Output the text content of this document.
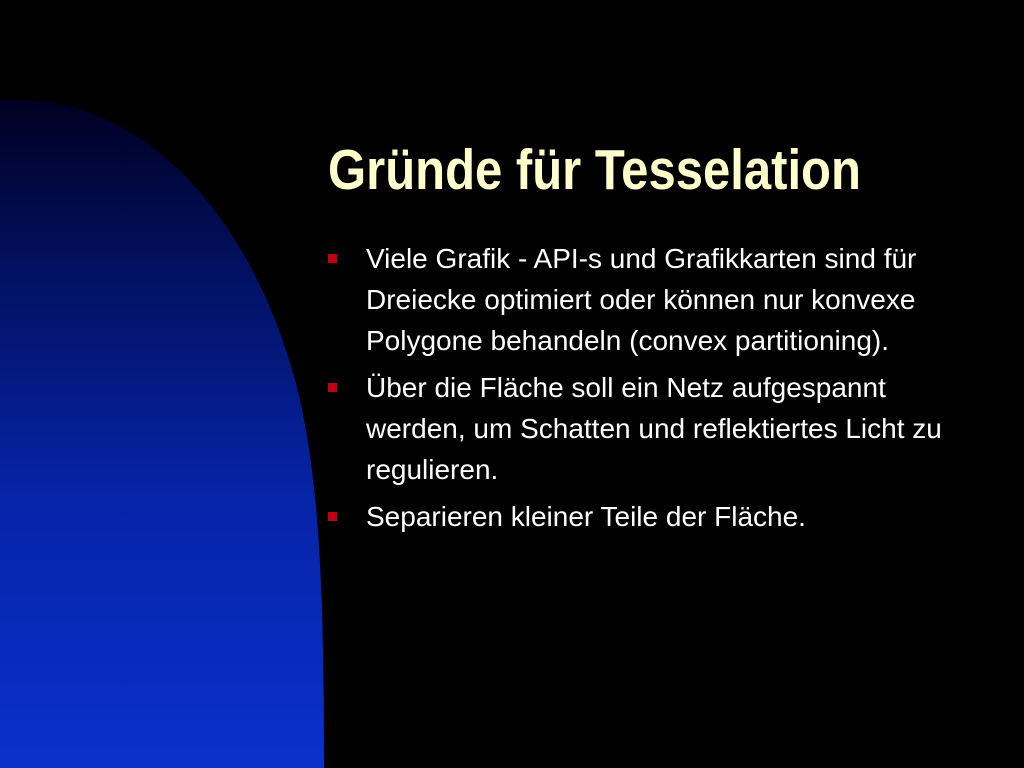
Gründe für Tesselation
Viele Grafik - API-s und Grafikkarten sind für Dreiecke optimiert oder können nur konvexe Polygone behandeln (convex partitioning).
Über die Fläche soll ein Netz aufgespannt werden, um Schatten und reflektiertes Licht zu regulieren.
Separieren kleiner Teile der Fläche.
